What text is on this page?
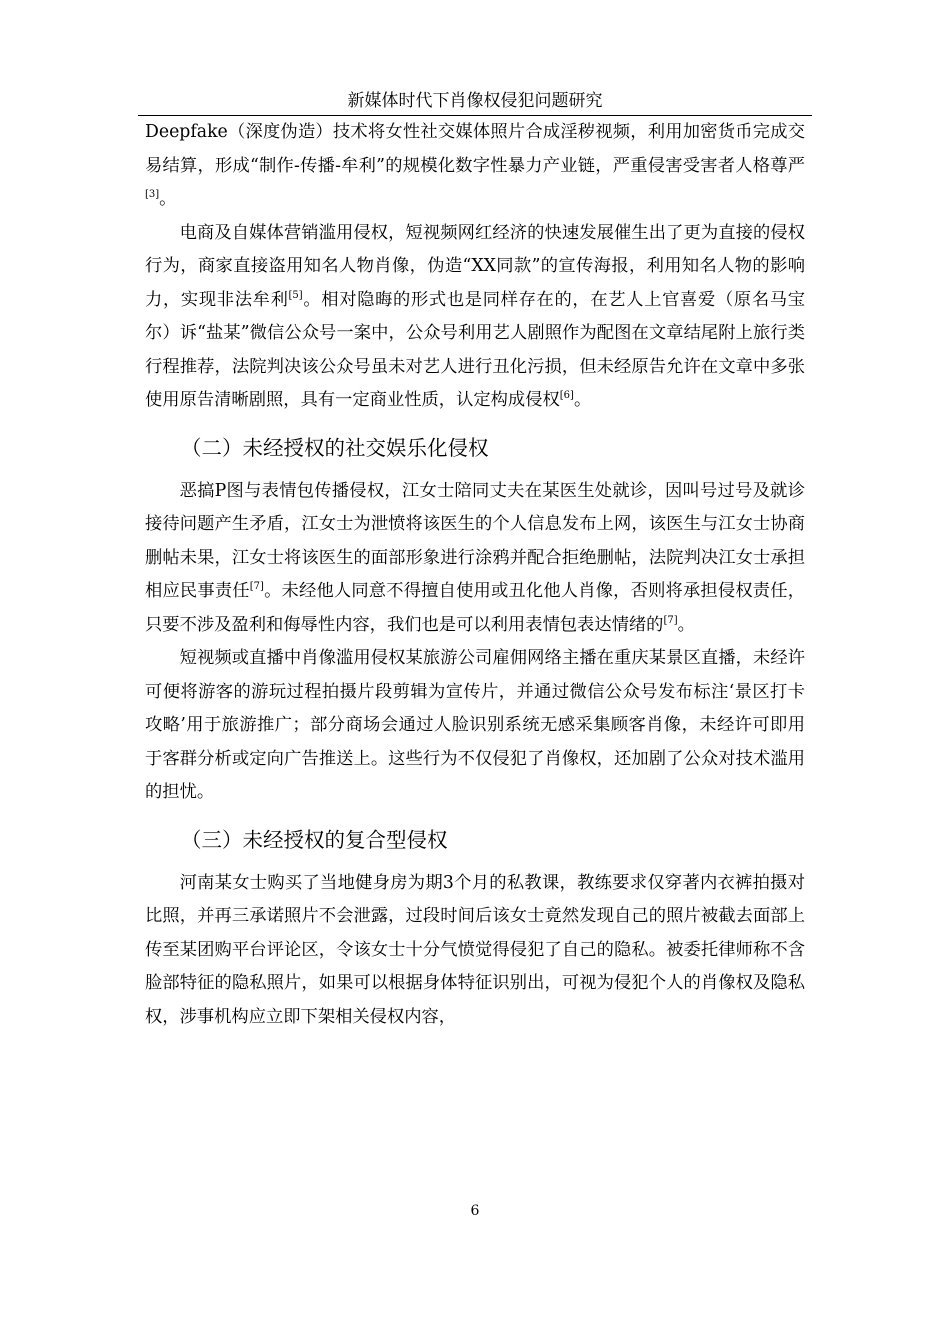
新媒体时代下肖像权侵犯问题研究

Deepfake（深度伪造）技术将女性社交媒体照片合成淫秽视频，利用加密货币完成交易结算，形成“制作-传播-牟利”的规模化数字性暴力产业链，严重侵害受害者人格尊严[3]。

电商及自媒体营销滥用侵权，短视频网红经济的快速发展催生出了更为直接的侵权行为，商家直接盗用知名人物肖像，伪造“XX同款”的宣传海报，利用知名人物的影响力，实现非法牟利[5]。相对隐晦的形式也是同样存在的，在艺人上官喜爱（原名马宝尔）诉“盐某”微信公众号一案中，公众号利用艺人剧照作为配图在文章结尾附上旅行类行程推荐，法院判决该公众号虽未对艺人进行丑化污损，但未经原告允许在文章中多张使用原告清晰剧照，具有一定商业性质，认定构成侵权[6]。

（二）未经授权的社交娱乐化侵权

恶搞P图与表情包传播侵权，江女士陪同丈夫在某医生处就诊，因叫号过号及就诊接待问题产生矛盾，江女士为泄愤将该医生的个人信息发布上网，该医生与江女士协商删帖未果，江女士将该医生的面部形象进行涂鸦并配合拒绝删帖，法院判决江女士承担相应民事责任[7]。未经他人同意不得擅自使用或丑化他人肖像，否则将承担侵权责任，只要不涉及盈利和侮辱性内容，我们也是可以利用表情包表达情绪的[7]。

短视频或直播中肖像滥用侵权某旅游公司雇佣网络主播在重庆某景区直播，未经许可便将游客的游玩过程拍摄片段剪辑为宣传片，并通过微信公众号发布标注‘景区打卡攻略’用于旅游推广；部分商场会通过人脸识别系统无感采集顾客肖像，未经许可即用于客群分析或定向广告推送上。这些行为不仅侵犯了肖像权，还加剧了公众对技术滥用的担忧。

（三）未经授权的复合型侵权

河南某女士购买了当地健身房为期3个月的私教课，教练要求仅穿著内衣裤拍摄对比照，并再三承诺照片不会泄露，过段时间后该女士竟然发现自己的照片被截去面部上传至某团购平台评论区，令该女士十分气愤觉得侵犯了自己的隐私。被委托律师称不含脸部特征的隐私照片，如果可以根据身体特征识别出，可视为侵犯个人的肖像权及隐私权，涉事机构应立即下架相关侵权内容，

6
